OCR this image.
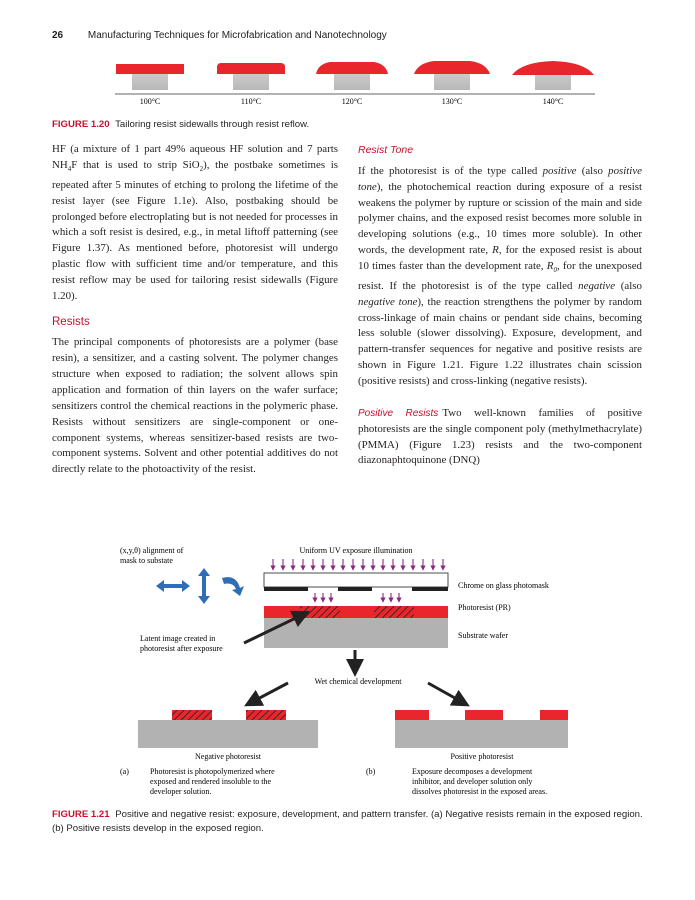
26 Manufacturing Techniques for Microfabrication and Nanotechnology
100°C	110°C	120°C	130°C	140°C
FIGURE 1.20 Tailoring resist sidewalls through resist reflow.

HF (a mixture of 1 part 49% aqueous HF solution and 7 parts $NH_4F$ that is used to strip SiO$_2$), the postbake sometimes is repeated after 5 minutes of etching to prolong the lifetime of the resist layer (see Figure 1.1e). Also, postbaking should be prolonged before electroplating but is not needed for processes in which a soft resist is desired, e.g., in metal liftoff patterning (see Figure 1.37). As mentioned before, photoresist will undergo plastic flow with sufficient time and/or temperature, and this resist reflow may be used for tailoring resist sidewalls (Figure 1.20).

Resists

The principal components of photoresists are a polymer (base resin), a sensitizer, and a casting solvent. The polymer changes structure when exposed to radiation; the solvent allows spin application and formation of thin layers on the wafer surface; sensitizers control the chemical reactions in the polymeric phase. Resists without sensitizers are single-component or one-component systems, whereas sensitizer-based resists are two-component systems. Solvent and other potential additives do not directly relate to the photoactivity of the resist.

Resist Tone

If the photoresist is of the type called positive (also positive tone), the photochemical reaction during exposure of a resist weakens the polymer by rupture or scission of the main and side polymer chains, and the exposed resist becomes more soluble in developing solutions (e.g., 10 times more soluble). In other words, the development rate, R, for the exposed resist is about 10 times faster than the development rate, $R_0$, for the unexposed resist. If the photoresist is of the type called negative (also negative tone), the reaction strengthens the polymer by random cross-linkage of main chains or pendant side chains, becoming less soluble (slower dissolving). Exposure, development, and pattern-transfer sequences for negative and positive resists are shown in Figure 1.21. Figure 1.22 illustrates chain scission (positive resists) and cross-linking (negative resists).

Positive Resists Two well-known families of positive photoresists are the single component poly (methylmethacrylate) (PMMA) (Figure 1.23) resists and the two-component diazonaphtoquinone (DNQ)

(x,y,θ) alignment of
mask to substate
Uniform UV exposure illumination
Chrome on glass photomask
Photoresist (PR)
Substrate wafer
Latent image created in
photoresist after exposure
Wet chemical development
Negative photoresist	Positive photoresist
(a)	Photoresist is photopolymerized where
exposed and rendered insoluble to the
developer solution.
(b)	Exposure decomposes a development
inhibitor, and developer solution only
dissolves photoresist in the exposed areas.
FIGURE 1.21 Positive and negative resist: exposure, development, and pattern transfer. (a) Negative resists remain in the exposed region. (b) Positive resists develop in the exposed region.
